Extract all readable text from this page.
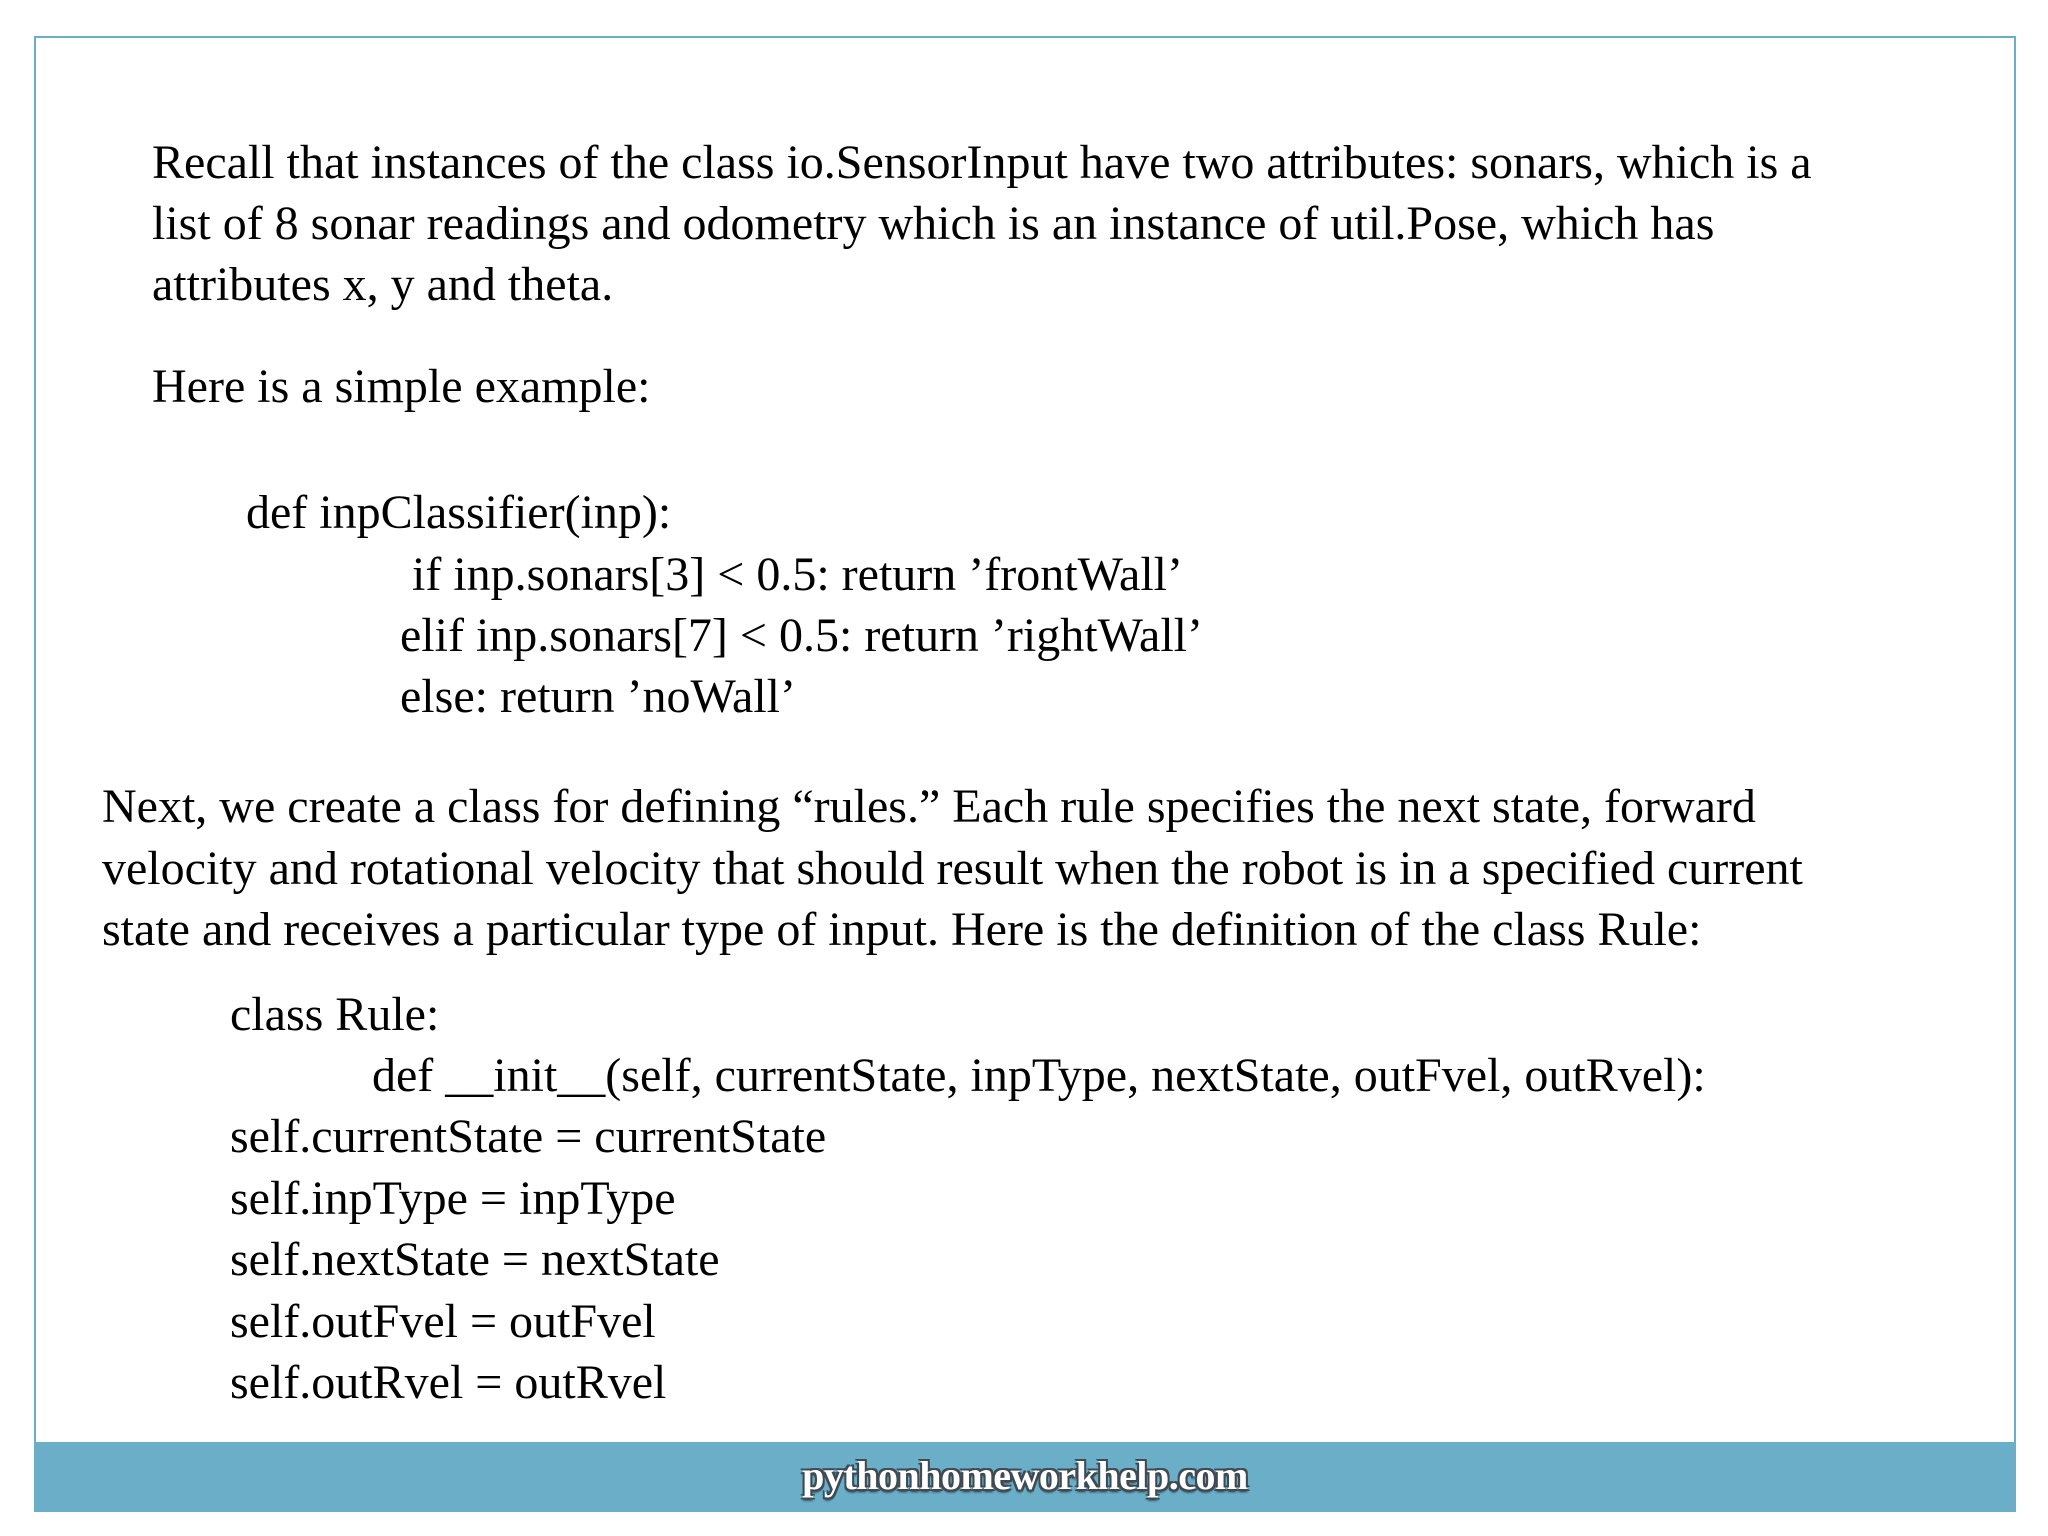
Recall that instances of the class io.SensorInput have two attributes: sonars, which is a

list of 8 sonar readings and odometry which is an instance of util.Pose, which has

attributes x, y and theta.

Here is a simple example:

def inpClassifier(inp):

if inp.sonars[3] < 0.5: return ’frontWall’

elif inp.sonars[7] < 0.5: return ’rightWall’

else: return ’noWall’

Next, we create a class for defining “rules.” Each rule specifies the next state, forward

velocity and rotational velocity that should result when the robot is in a specified current

state and receives a particular type of input. Here is the definition of the class Rule:

class Rule:

def __init__(self, currentState, inpType, nextState, outFvel, outRvel):

self.currentState = currentState

self.inpType = inpType

self.nextState = nextState

self.outFvel = outFvel

self.outRvel = outRvel

pythonhomeworkhelp.com
